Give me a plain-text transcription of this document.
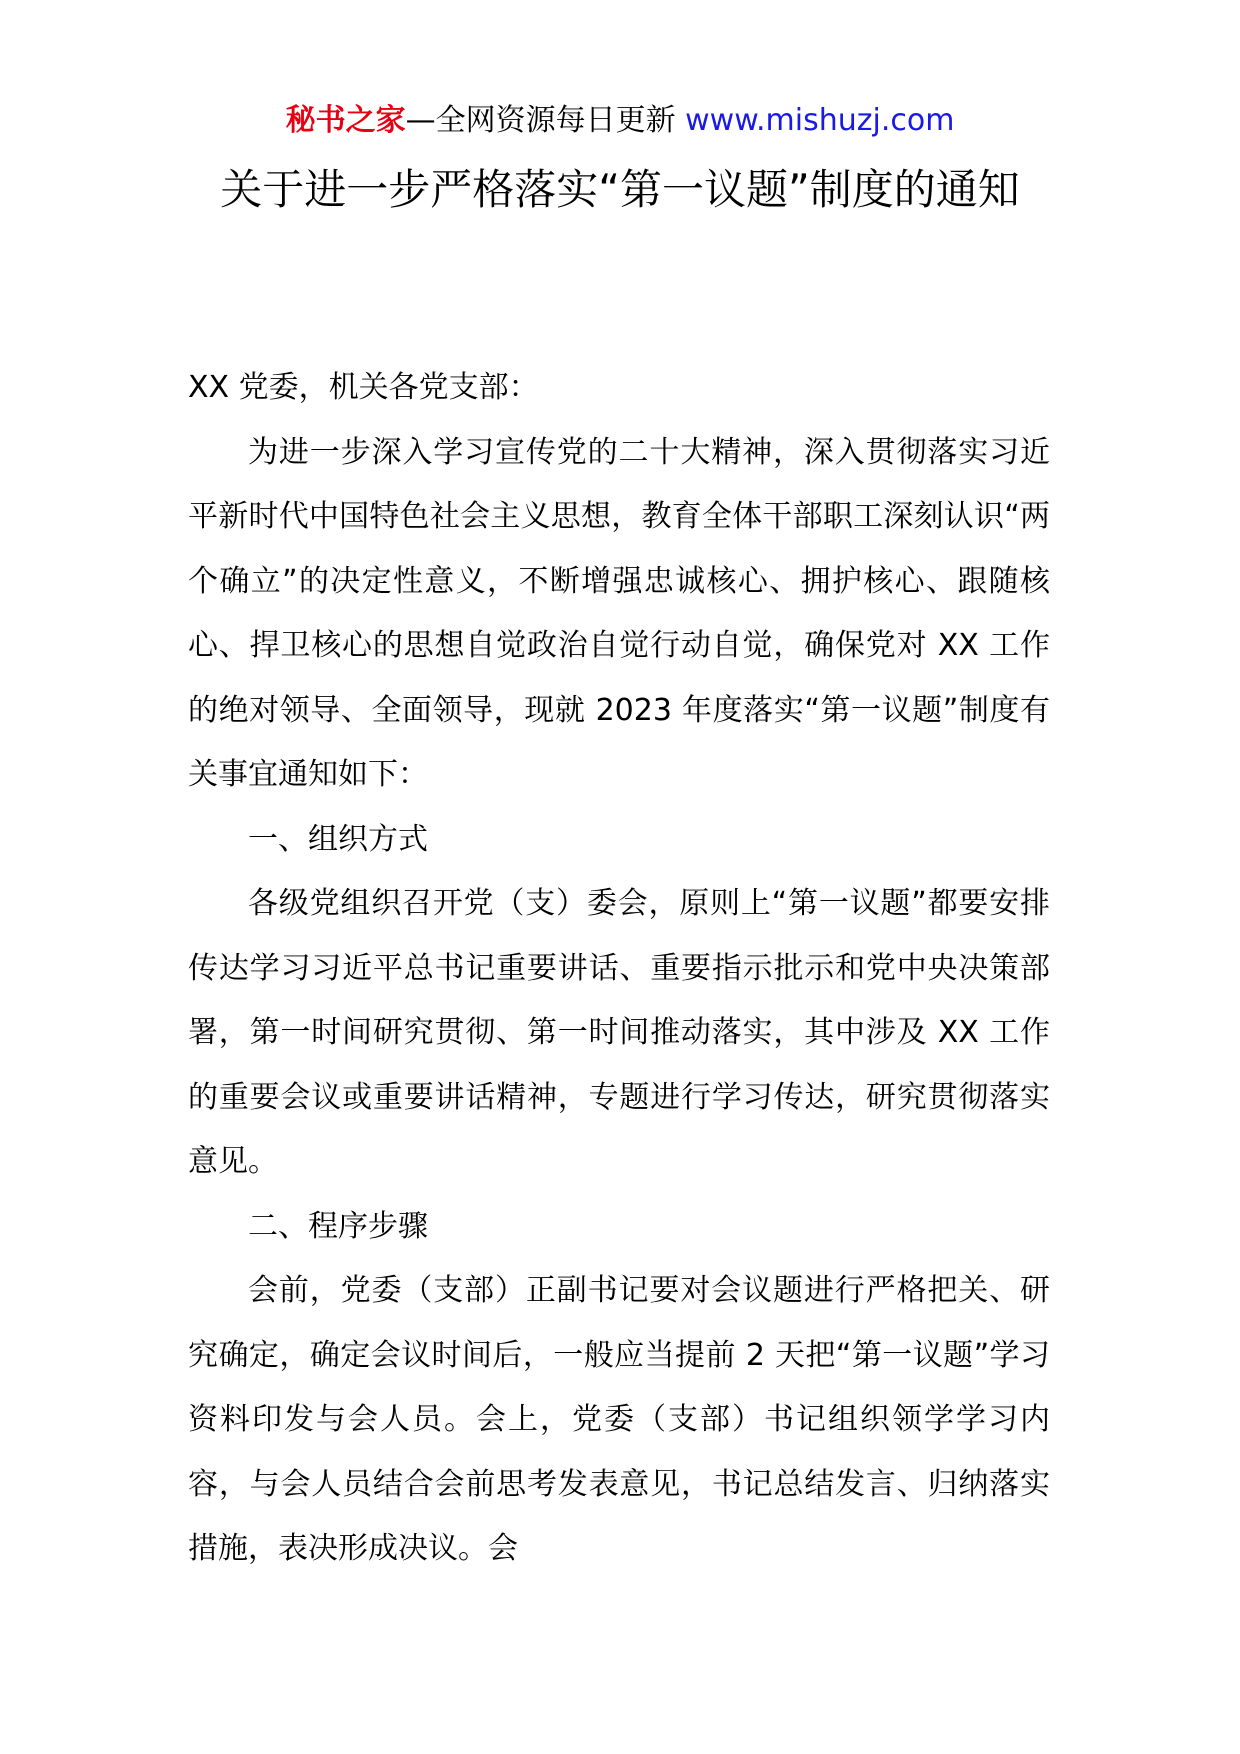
秘书之家—全网资源每日更新 www.mishuzj.com
关于进一步严格落实“第一议题”制度的通知

XX 党委，机关各党支部：

为进一步深入学习宣传党的二十大精神，深入贯彻落实习近平新时代中国特色社会主义思想，教育全体干部职工深刻认识“两个确立”的决定性意义，不断增强忠诚核心、拥护核心、跟随核心、捍卫核心的思想自觉政治自觉行动自觉，确保党对 XX 工作的绝对领导、全面领导，现就 2023 年度落实“第一议题”制度有关事宜通知如下：

一、组织方式

各级党组织召开党（支）委会，原则上“第一议题”都要安排传达学习习近平总书记重要讲话、重要指示批示和党中央决策部署，第一时间研究贯彻、第一时间推动落实，其中涉及 XX 工作的重要会议或重要讲话精神，专题进行学习传达，研究贯彻落实意见。

二、程序步骤

会前，党委（支部）正副书记要对会议题进行严格把关、研究确定，确定会议时间后，一般应当提前 2 天把“第一议题”学习资料印发与会人员。会上，党委（支部）书记组织领学学习内容，与会人员结合会前思考发表意见，书记总结发言、归纳落实措施，表决形成决议。会
